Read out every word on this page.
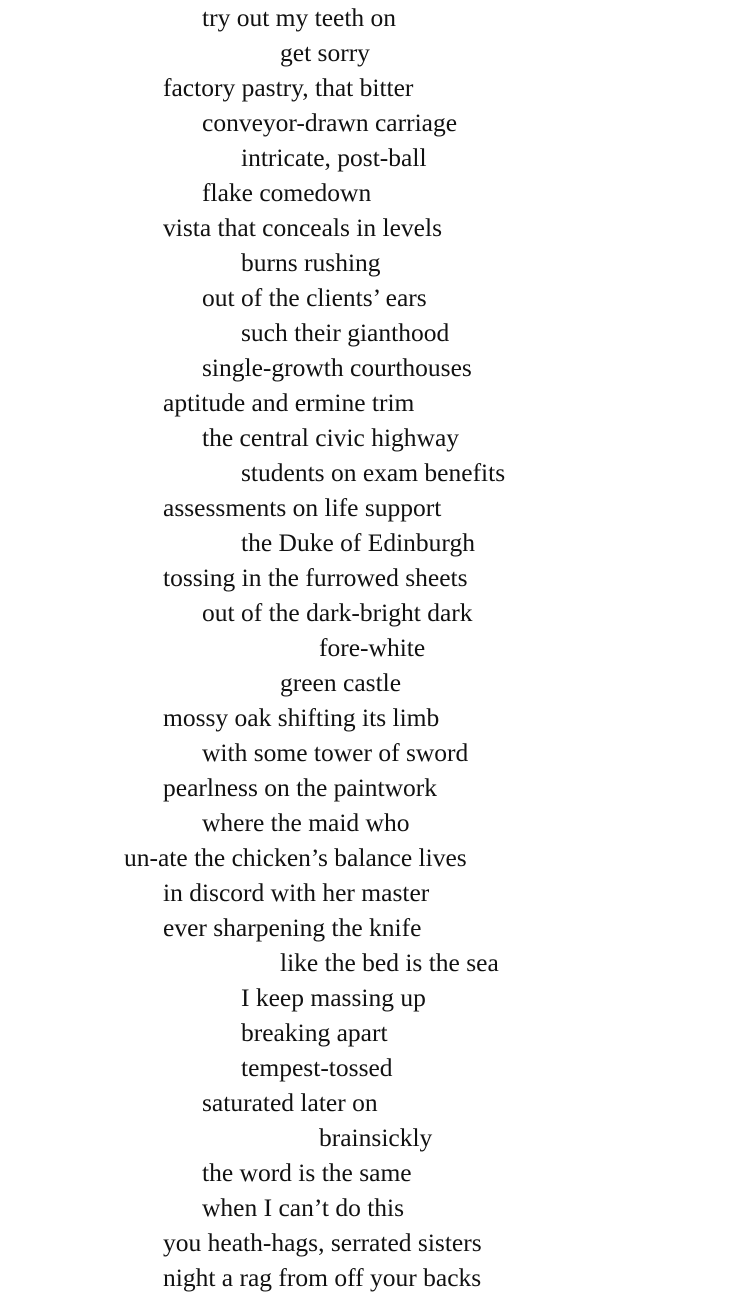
try out my teeth on
get sorry
factory pastry, that bitter
conveyor-drawn carriage
intricate, post-ball
flake comedown
vista that conceals in levels
burns rushing
out of the clients’ ears
such their gianthood
single-growth courthouses
aptitude and ermine trim
the central civic highway
students on exam benefits
assessments on life support
the Duke of Edinburgh
tossing in the furrowed sheets
out of the dark-bright dark
fore-white
green castle
mossy oak shifting its limb
with some tower of sword
pearlness on the paintwork
where the maid who
un-ate the chicken’s balance lives
in discord with her master
ever sharpening the knife
like the bed is the sea
I keep massing up
breaking apart
tempest-tossed
saturated later on
brainsickly
the word is the same
when I can’t do this
you heath-hags, serrated sisters
night a rag from off your backs
